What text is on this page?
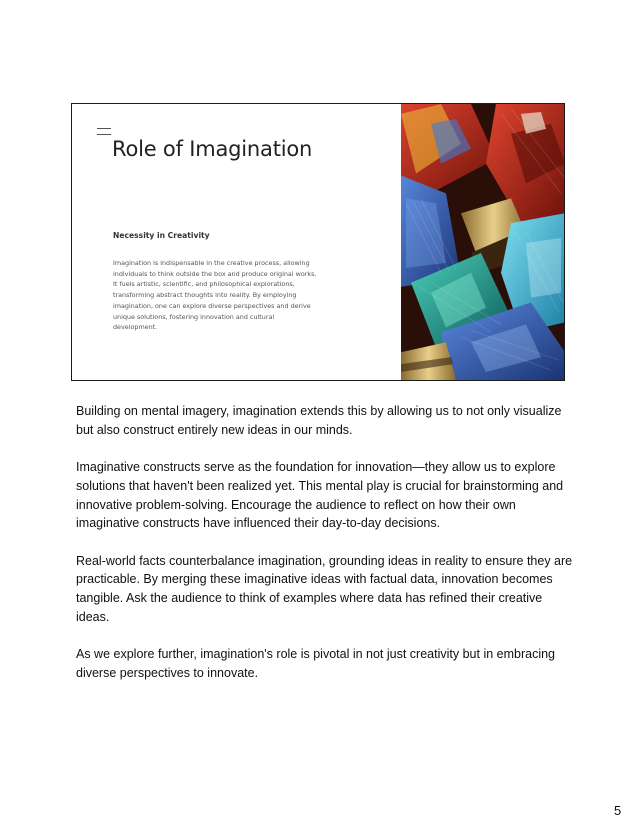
Role of Imagination
Necessity in Creativity
Imagination is indispensable in the creative process, allowing individuals to think outside the box and produce original works. It fuels artistic, scientific, and philosophical explorations, transforming abstract thoughts into reality. By employing imagination, one can explore diverse perspectives and derive unique solutions, fostering innovation and cultural development.

Building on mental imagery, imagination extends this by allowing us to not only visualize but also construct entirely new ideas in our minds.

Imaginative constructs serve as the foundation for innovation—they allow us to explore solutions that haven't been realized yet. This mental play is crucial for brainstorming and innovative problem-solving. Encourage the audience to reflect on how their own imaginative constructs have influenced their day-to-day decisions.

Real-world facts counterbalance imagination, grounding ideas in reality to ensure they are practicable. By merging these imaginative ideas with factual data, innovation becomes tangible. Ask the audience to think of examples where data has refined their creative ideas.

As we explore further, imagination's role is pivotal in not just creativity but in embracing diverse perspectives to innovate.

5
